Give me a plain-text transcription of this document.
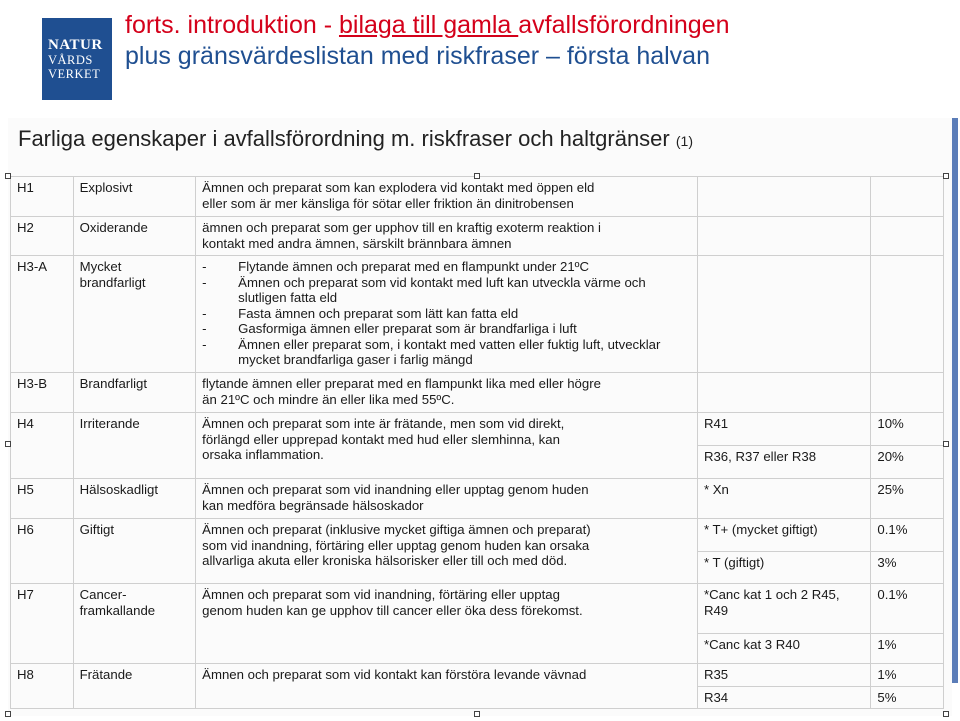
NATUR
VÅRDS
VERKET
forts. introduktion - bilaga till gamla avfallsförordningen
plus gränsvärdeslistan med riskfraser – första halvan
Farliga egenskaper i avfallsförordning m. riskfraser och haltgränser (1)
H1	Explosivt	Ämnen och preparat som kan explodera vid kontakt med öppen eld
eller som är mer känsliga för sötar eller friktion än dinitrobensen		

H2	Oxiderande	ämnen och preparat som ger upphov till en kraftig exoterm reaktion i
kontakt med andra ämnen, särskilt brännbara ämnen		

H3-A	Mycket brandfarligt	- Flytande ämnen och preparat med en flampunkt under 21ºC
- Ämnen och preparat som vid kontakt med luft kan utveckla värme och slutligen fatta eld
- Fasta ämnen och preparat som lätt kan fatta eld
- Gasformiga ämnen eller preparat som är brandfarliga i luft
- Ämnen eller preparat som, i kontakt med vatten eller fuktig luft, utvecklar mycket brandfarliga gaser i farlig mängd

H3-B	Brandfarligt	flytande ämnen eller preparat med en flampunkt lika med eller högre
än 21ºC och mindre än eller lika med 55ºC.		

H4	Irriterande	Ämnen och preparat som inte är frätande, men som vid direkt,
förlängd eller upprepad kontakt med hud eller slemhinna, kan
orsaka inflammation.	R41	10%
			R36, R37 eller R38	20%
H5	Hälsoskadligt	Ämnen och preparat som vid inandning eller upptag genom huden
kan medföra begränsade hälsoskador	* Xn	25%
H6	Giftigt	Ämnen och preparat (inklusive mycket giftiga ämnen och preparat)
som vid inandning, förtäring eller upptag genom huden kan orsaka
allvarliga akuta eller kroniska hälsorisker eller till och med död.	* T+ (mycket giftigt)	0.1%
			* T (giftigt)	3%
H7	Cancer-framkallande	Ämnen och preparat som vid inandning, förtäring eller upptag
genom huden kan ge upphov till cancer eller öka dess förekomst.	*Canc kat 1 och 2 R45, R49	0.1%
			*Canc kat 3 R40	1%
H8	Frätande	Ämnen och preparat som vid kontakt kan förstöra levande vävnad	R35	1%
			R34	5%
